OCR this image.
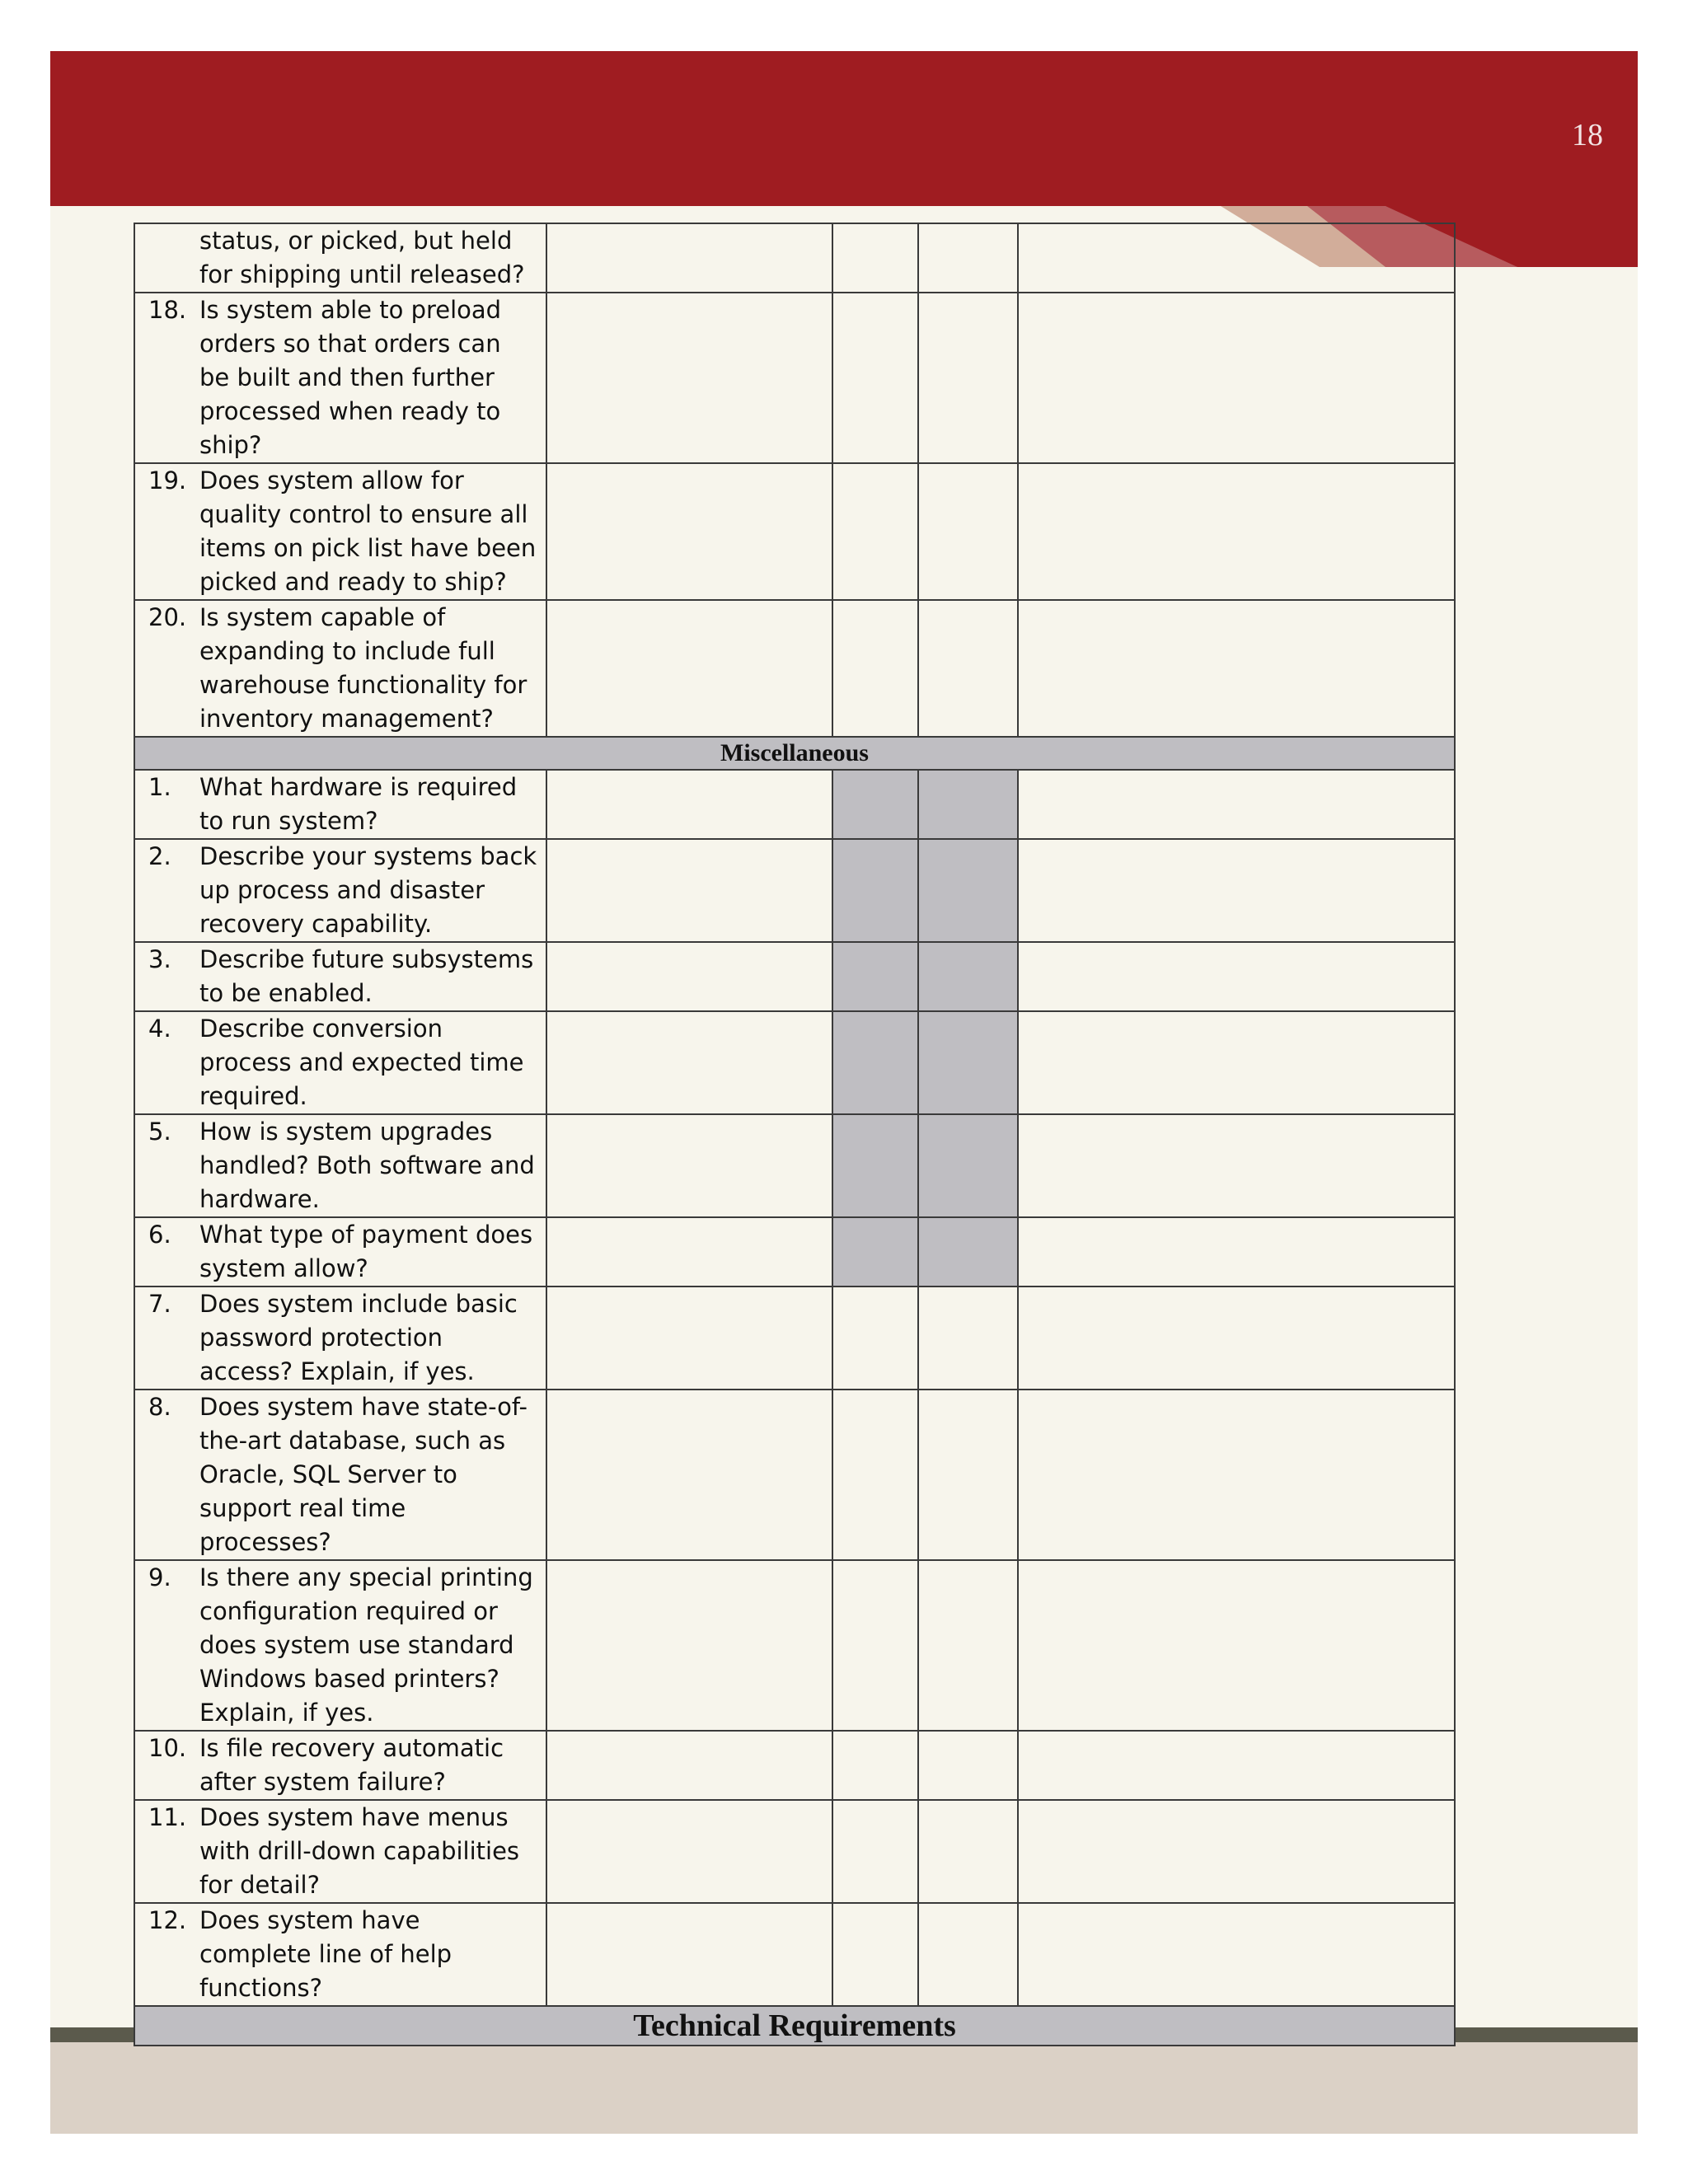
18
status, or picked, but held for shipping until released?				

18. Is system able to preload orders so that orders can be built and then further processed when ready to ship?				

19. Does system allow for quality control to ensure all items on pick list have been picked and ready to ship?				

20. Is system capable of expanding to include full warehouse functionality for inventory management?				

Miscellaneous				

1. What hardware is required to run system?				

2. Describe your systems back up process and disaster recovery capability.				

3. Describe future subsystems to be enabled.				

4. Describe conversion process and expected time required.				

5. How is system upgrades handled? Both software and hardware.				

6. What type of payment does system allow?				

7. Does system include basic password protection access? Explain, if yes.				

8. Does system have state-of-the-art database, such as Oracle, SQL Server to support real time processes?				

9. Is there any special printing configuration required or does system use standard Windows based printers? Explain, if yes.				

10. Is file recovery automatic after system failure?				

11. Does system have menus with drill-down capabilities for detail?				

12. Does system have complete line of help functions?				

Technical Requirements				
